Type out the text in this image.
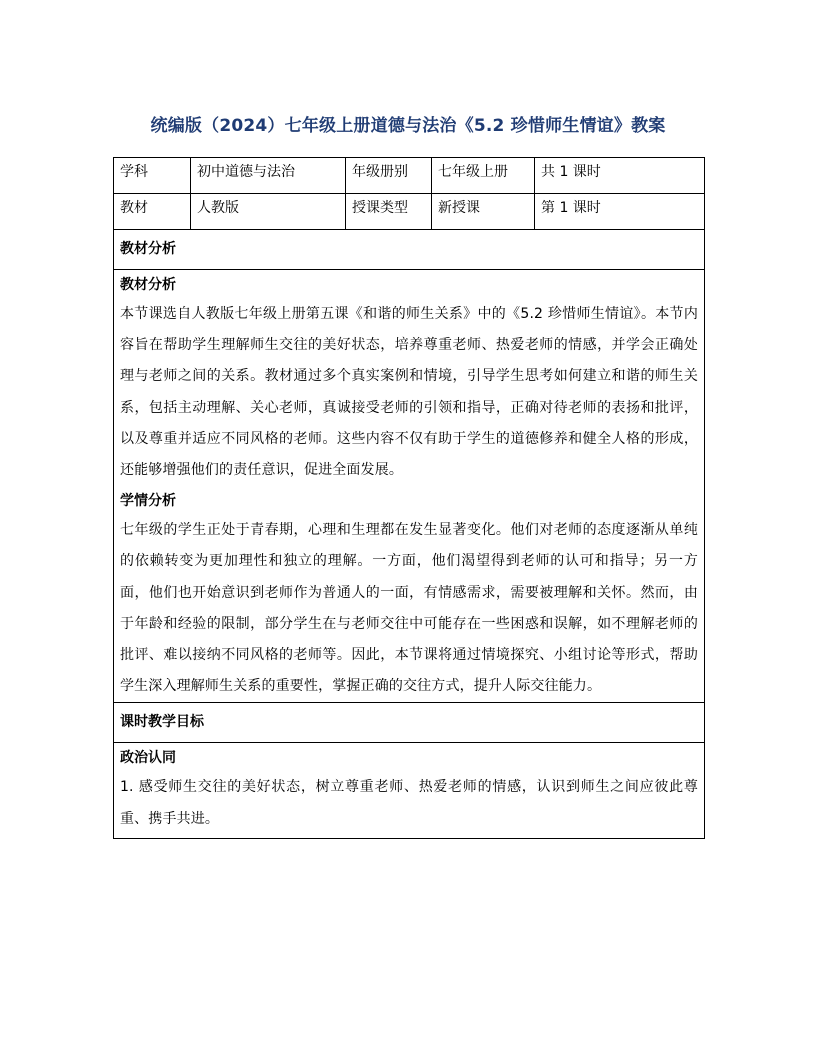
统编版（2024）七年级上册道德与法治《5.2 珍惜师生情谊》教案
学科	初中道德与法治	年级册别	七年级上册	共 1 课时
教材	人教版	授课类型	新授课	第 1 课时
教材分析				

教材分析

本节课选自人教版七年级上册第五课《和谐的师生关系》中的《5.2 珍惜师生情谊》。本节内容旨在帮助学生理解师生交往的美好状态，培养尊重老师、热爱老师的情感，并学会正确处理与老师之间的关系。教材通过多个真实案例和情境，引导学生思考如何建立和谐的师生关系，包括主动理解、关心老师，真诚接受老师的引领和指导，正确对待老师的表扬和批评，以及尊重并适应不同风格的老师。这些内容不仅有助于学生的道德修养和健全人格的形成，还能够增强他们的责任意识，促进全面发展。

学情分析

七年级的学生正处于青春期，心理和生理都在发生显著变化。他们对老师的态度逐渐从单纯的依赖转变为更加理性和独立的理解。一方面，他们渴望得到老师的认可和指导；另一方面，他们也开始意识到老师作为普通人的一面，有情感需求，需要被理解和关怀。然而，由于年龄和经验的限制，部分学生在与老师交往中可能存在一些困惑和误解，如不理解老师的批评、难以接纳不同风格的老师等。因此，本节课将通过情境探究、小组讨论等形式，帮助学生深入理解师生关系的重要性，掌握正确的交往方式，提升人际交往能力。				

课时教学目标				

政治认同

1. 感受师生交往的美好状态，树立尊重老师、热爱老师的情感，认识到师生之间应彼此尊重、携手共进。				
